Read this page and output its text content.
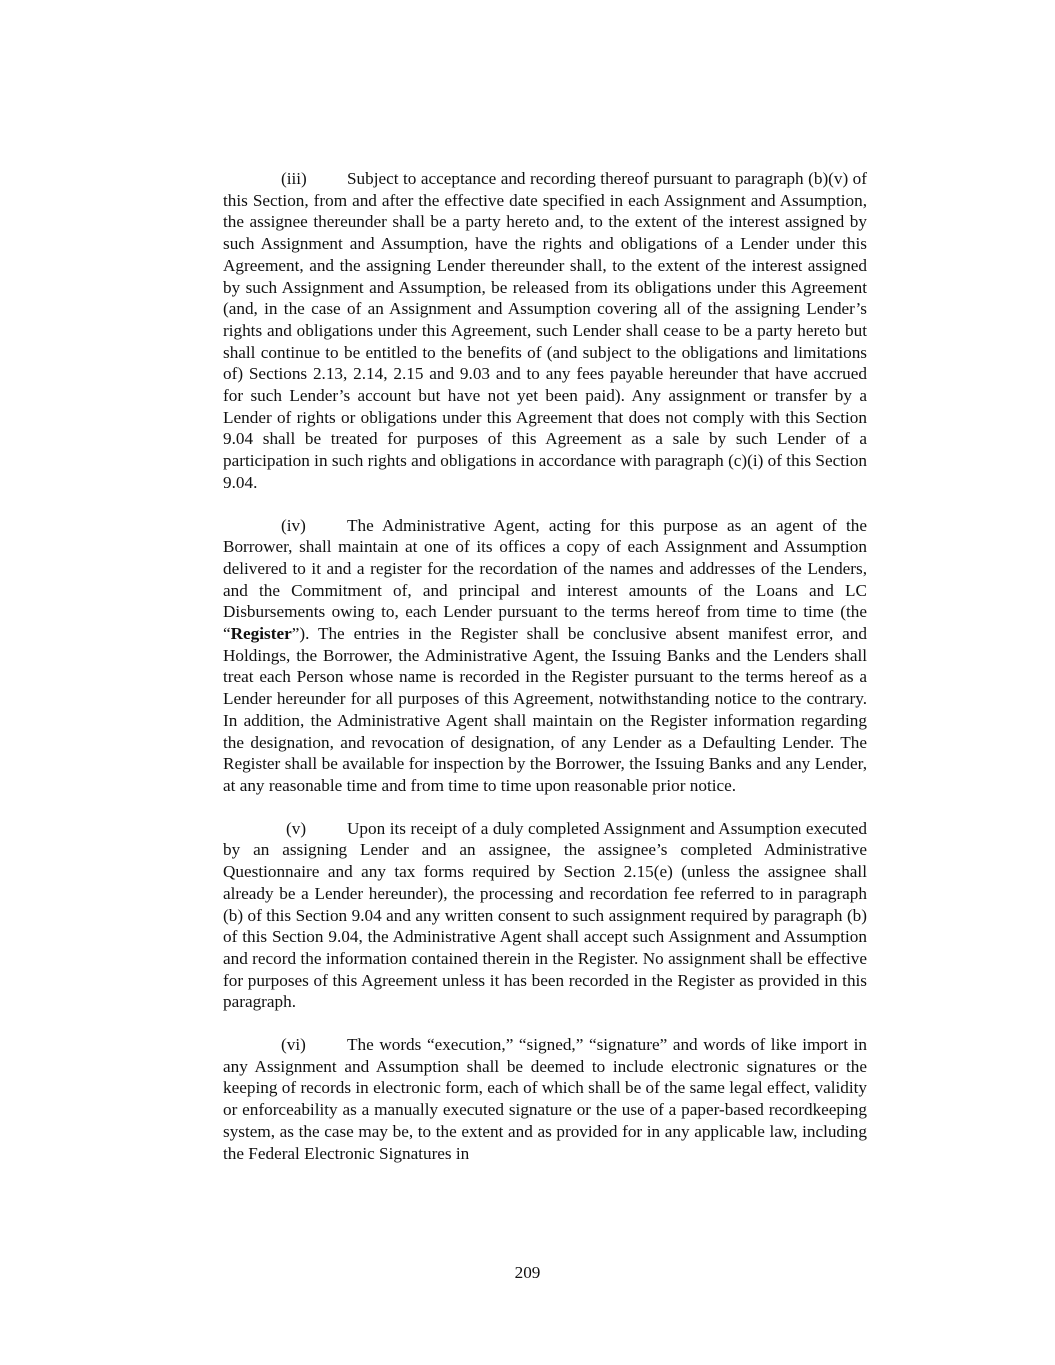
(iii) Subject to acceptance and recording thereof pursuant to paragraph (b)(v) of this Section, from and after the effective date specified in each Assignment and Assumption, the assignee thereunder shall be a party hereto and, to the extent of the interest assigned by such Assignment and Assumption, have the rights and obligations of a Lender under this Agreement, and the assigning Lender thereunder shall, to the extent of the interest assigned by such Assignment and Assumption, be released from its obligations under this Agreement (and, in the case of an Assignment and Assumption covering all of the assigning Lender’s rights and obligations under this Agreement, such Lender shall cease to be a party hereto but shall continue to be entitled to the benefits of (and subject to the obligations and limitations of) Sections 2.13, 2.14, 2.15 and 9.03 and to any fees payable hereunder that have accrued for such Lender’s account but have not yet been paid). Any assignment or transfer by a Lender of rights or obligations under this Agreement that does not comply with this Section 9.04 shall be treated for purposes of this Agreement as a sale by such Lender of a participation in such rights and obligations in accordance with paragraph (c)(i) of this Section 9.04.

(iv) The Administrative Agent, acting for this purpose as an agent of the Borrower, shall maintain at one of its offices a copy of each Assignment and Assumption delivered to it and a register for the recordation of the names and addresses of the Lenders, and the Commitment of, and principal and interest amounts of the Loans and LC Disbursements owing to, each Lender pursuant to the terms hereof from time to time (the “Register”). The entries in the Register shall be conclusive absent manifest error, and Holdings, the Borrower, the Administrative Agent, the Issuing Banks and the Lenders shall treat each Person whose name is recorded in the Register pursuant to the terms hereof as a Lender hereunder for all purposes of this Agreement, notwithstanding notice to the contrary. In addition, the Administrative Agent shall maintain on the Register information regarding the designation, and revocation of designation, of any Lender as a Defaulting Lender. The Register shall be available for inspection by the Borrower, the Issuing Banks and any Lender, at any reasonable time and from time to time upon reasonable prior notice.

(v) Upon its receipt of a duly completed Assignment and Assumption executed by an assigning Lender and an assignee, the assignee’s completed Administrative Questionnaire and any tax forms required by Section 2.15(e) (unless the assignee shall already be a Lender hereunder), the processing and recordation fee referred to in paragraph (b) of this Section 9.04 and any written consent to such assignment required by paragraph (b) of this Section 9.04, the Administrative Agent shall accept such Assignment and Assumption and record the information contained therein in the Register. No assignment shall be effective for purposes of this Agreement unless it has been recorded in the Register as provided in this paragraph.

(vi) The words “execution,” “signed,” “signature” and words of like import in any Assignment and Assumption shall be deemed to include electronic signatures or the keeping of records in electronic form, each of which shall be of the same legal effect, validity or enforceability as a manually executed signature or the use of a paper-based recordkeeping system, as the case may be, to the extent and as provided for in any applicable law, including the Federal Electronic Signatures in

209
